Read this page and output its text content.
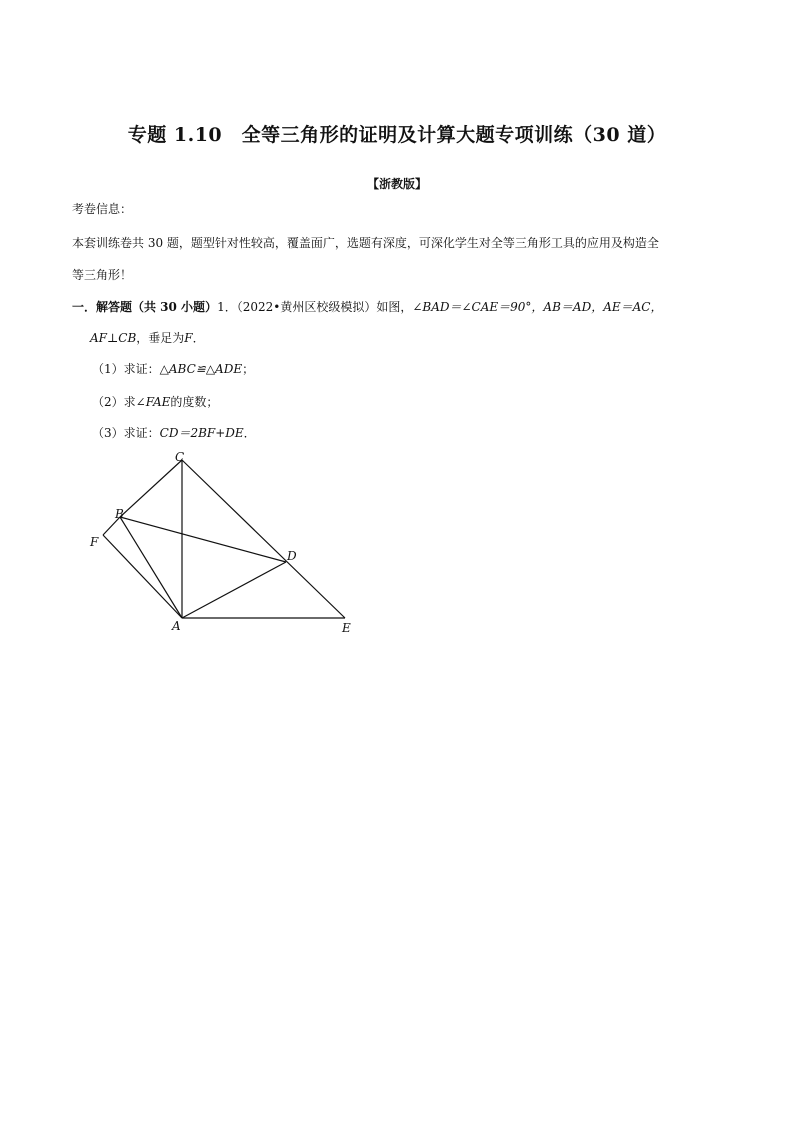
专题 1.10　全等三角形的证明及计算大题专项训练（30 道）
【浙教版】
考卷信息：
本套训练卷共 30 题，题型针对性较高，覆盖面广，选题有深度，可深化学生对全等三角形工具的应用及构造全
等三角形！
一．解答题（共 30 小题）1．（2022•黄州区校级模拟）如图，∠BAD＝∠CAE＝90°，AB＝AD，AE＝AC，
AF⊥CB，垂足为F．
（1）求证：△ABC≌△ADE；
（2）求∠FAE的度数；
（3）求证：CD＝2BF+DE．
C
B
F
D
A	E
